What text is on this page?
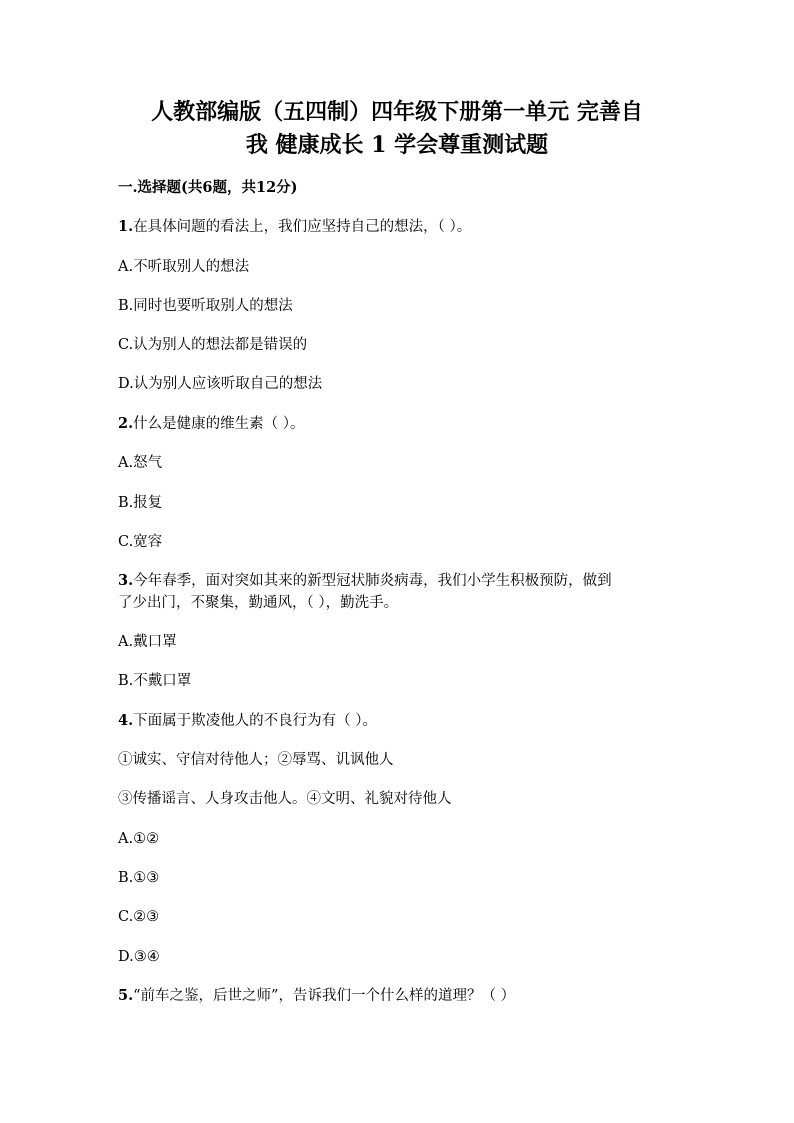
人教部编版（五四制）四年级下册第一单元 完善自
我 健康成长 1 学会尊重测试题
一.选择题(共6题，共12分)
1.在具体问题的看法上，我们应坚持自己的想法，（ ）。
A.不听取别人的想法
B.同时也要听取别人的想法
C.认为别人的想法都是错误的
D.认为别人应该听取自己的想法
2.什么是健康的维生素（ ）。
A.怒气
B.报复
C.宽容
3.今年春季，面对突如其来的新型冠状肺炎病毒，我们小学生积极预防，做到
了少出门，不聚集，勤通风，（ ），勤洗手。
A.戴口罩
B.不戴口罩
4.下面属于欺凌他人的不良行为有（ ）。
①诚实、守信对待他人；②辱骂、讥讽他人
③传播谣言、人身攻击他人。④文明、礼貌对待他人
A.①②
B.①③
C.②③
D.③④
5.“前车之鉴，后世之师”，告诉我们一个什么样的道理？（ ）
